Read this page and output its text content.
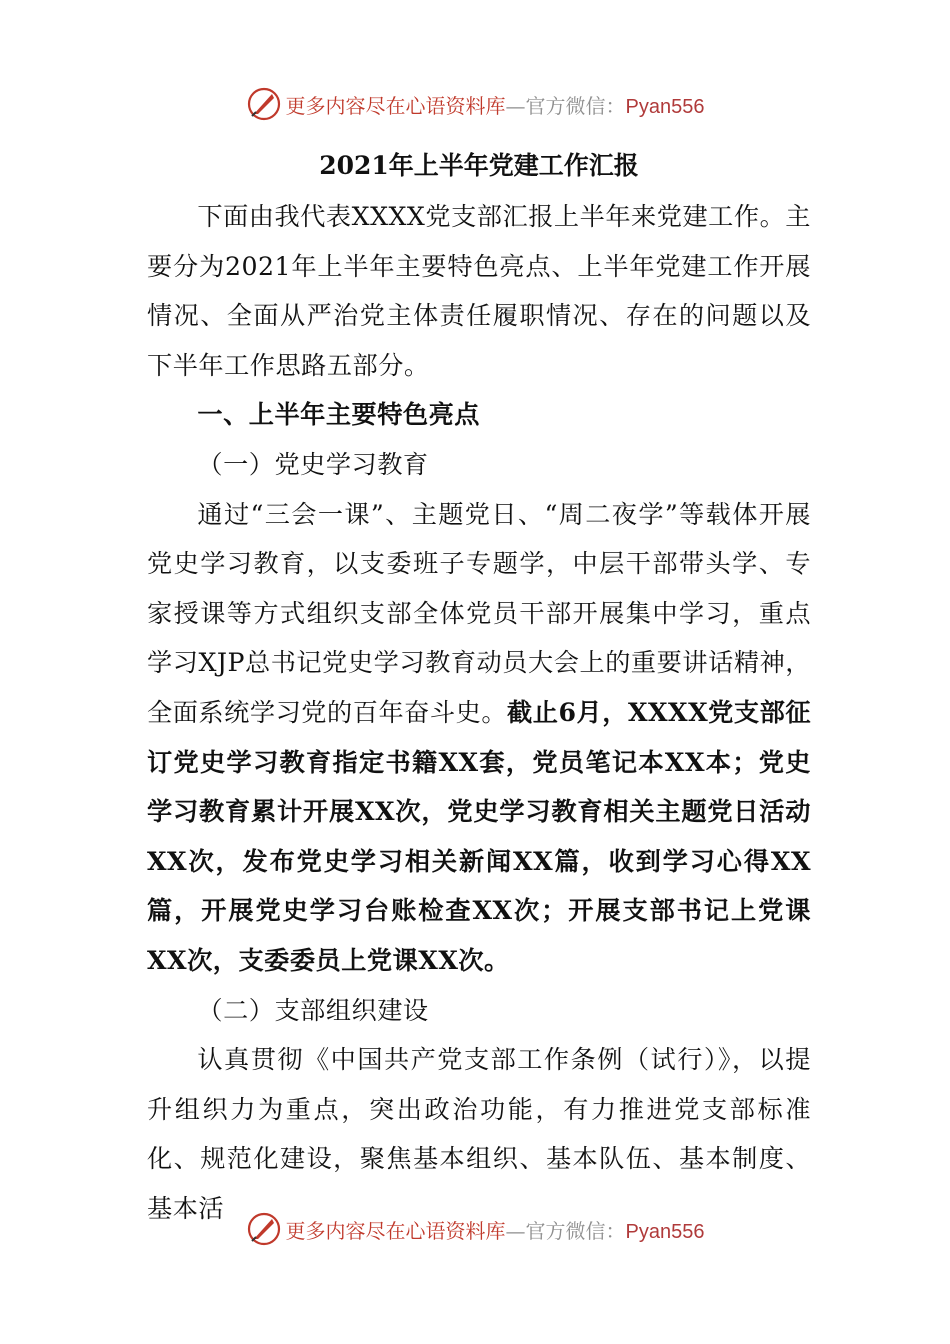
更多内容尽在心语资料库—官方微信：Pyan556
2021年上半年党建工作汇报

下面由我代表XXXX党支部汇报上半年来党建工作。主要分为2021年上半年主要特色亮点、上半年党建工作开展情况、全面从严治党主体责任履职情况、存在的问题以及下半年工作思路五部分。

一、上半年主要特色亮点

（一）党史学习教育

通过“三会一课”、主题党日、“周二夜学”等载体开展党史学习教育，以支委班子专题学，中层干部带头学、专家授课等方式组织支部全体党员干部开展集中学习，重点学习XJP总书记党史学习教育动员大会上的重要讲话精神，全面系统学习党的百年奋斗史。截止6月，XXXX党支部征订党史学习教育指定书籍XX套，党员笔记本XX本；党史学习教育累计开展XX次，党史学习教育相关主题党日活动XX次，发布党史学习相关新闻XX篇，收到学习心得XX篇，开展党史学习台账检查XX次；开展支部书记上党课XX次，支委委员上党课XX次。

（二）支部组织建设

认真贯彻《中国共产党支部工作条例（试行）》，以提升组织力为重点，突出政治功能，有力推进党支部标准化、规范化建设，聚焦基本组织、基本队伍、基本制度、基本活

更多内容尽在心语资料库—官方微信：Pyan556
